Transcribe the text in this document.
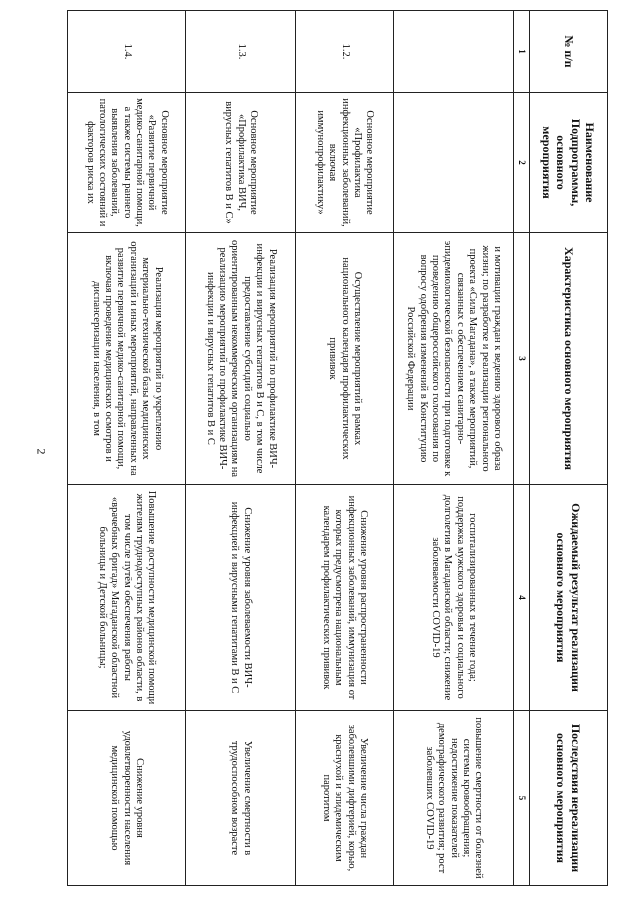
2
№ п/п	Наименование Подпрограммы, основного мероприятия	Характеристика основного мероприятия	Ожидаемый результат реализации основного мероприятия	Последствия нереализации основного мероприятия
1	2	3	4	5
		и мотивации граждан к ведению здорового образа жизни; по разработке и реализации регионального проекта «Сила Магадана», а также мероприятий, связанных с обеспечением санитарно-эпидемиологической безопасности при подготовке к проведению общероссийского голосования по вопросу одобрения изменений в Конституцию Российской Федерации	госпитализированных в течение года; поддержка мужского здоровья и социального долголетия в Магаданской области; снижение заболеваемости COVID-19	повышение смертности от болезней системы кровообращения; недостижение показателей демографического развития; рост заболевших COVID-19
1.2.	Основное мероприятие «Профилактика инфекционных заболеваний, включая иммунопрофилактику»	Осуществление мероприятий в рамках национального календаря профилактических прививок	Снижение уровня распространенности инфекционных заболеваний, иммунизация от которых предусмотрена национальным календарем профилактических прививок	Увеличение числа граждан заболевшими дифтерией, корью, краснухой и эпидемическим паротитом
1.3.	Основное мероприятие «Профилактика ВИЧ, вирусных гепатитов В и С»	Реализация мероприятий по профилактике ВИЧ-инфекции и вирусных гепатитов В и С, в том числе предоставление субсидий социально ориентированным некоммерческим организациям на реализацию мероприятий по профилактике ВИЧ-инфекции и вирусных гепатитов В и С	Снижение уровня заболеваемости ВИЧ-инфекцией и вирусными гепатитами В и С	Увеличение смертности в трудоспособном возрасте
1.4.	Основное мероприятие «Развитие первичной медико-санитарной помощи, а также системы раннего выявления заболеваний, патологических состояний и факторов риска их	Реализация мероприятий по укреплению материально-технической базы медицинских организаций и иных мероприятий, направленных на развитие первичной медико-санитарной помощи, включая проведение медицинских осмотров и диспансеризации населения, в том	Повышение доступности медицинской помощи жителям труднодоступных районов области, в том числе путём обеспечения работы «врачебных бригад» Магаданской областной больницы и Детской больницы;	Снижение уровня удовлетворенности населения медицинской помощью
